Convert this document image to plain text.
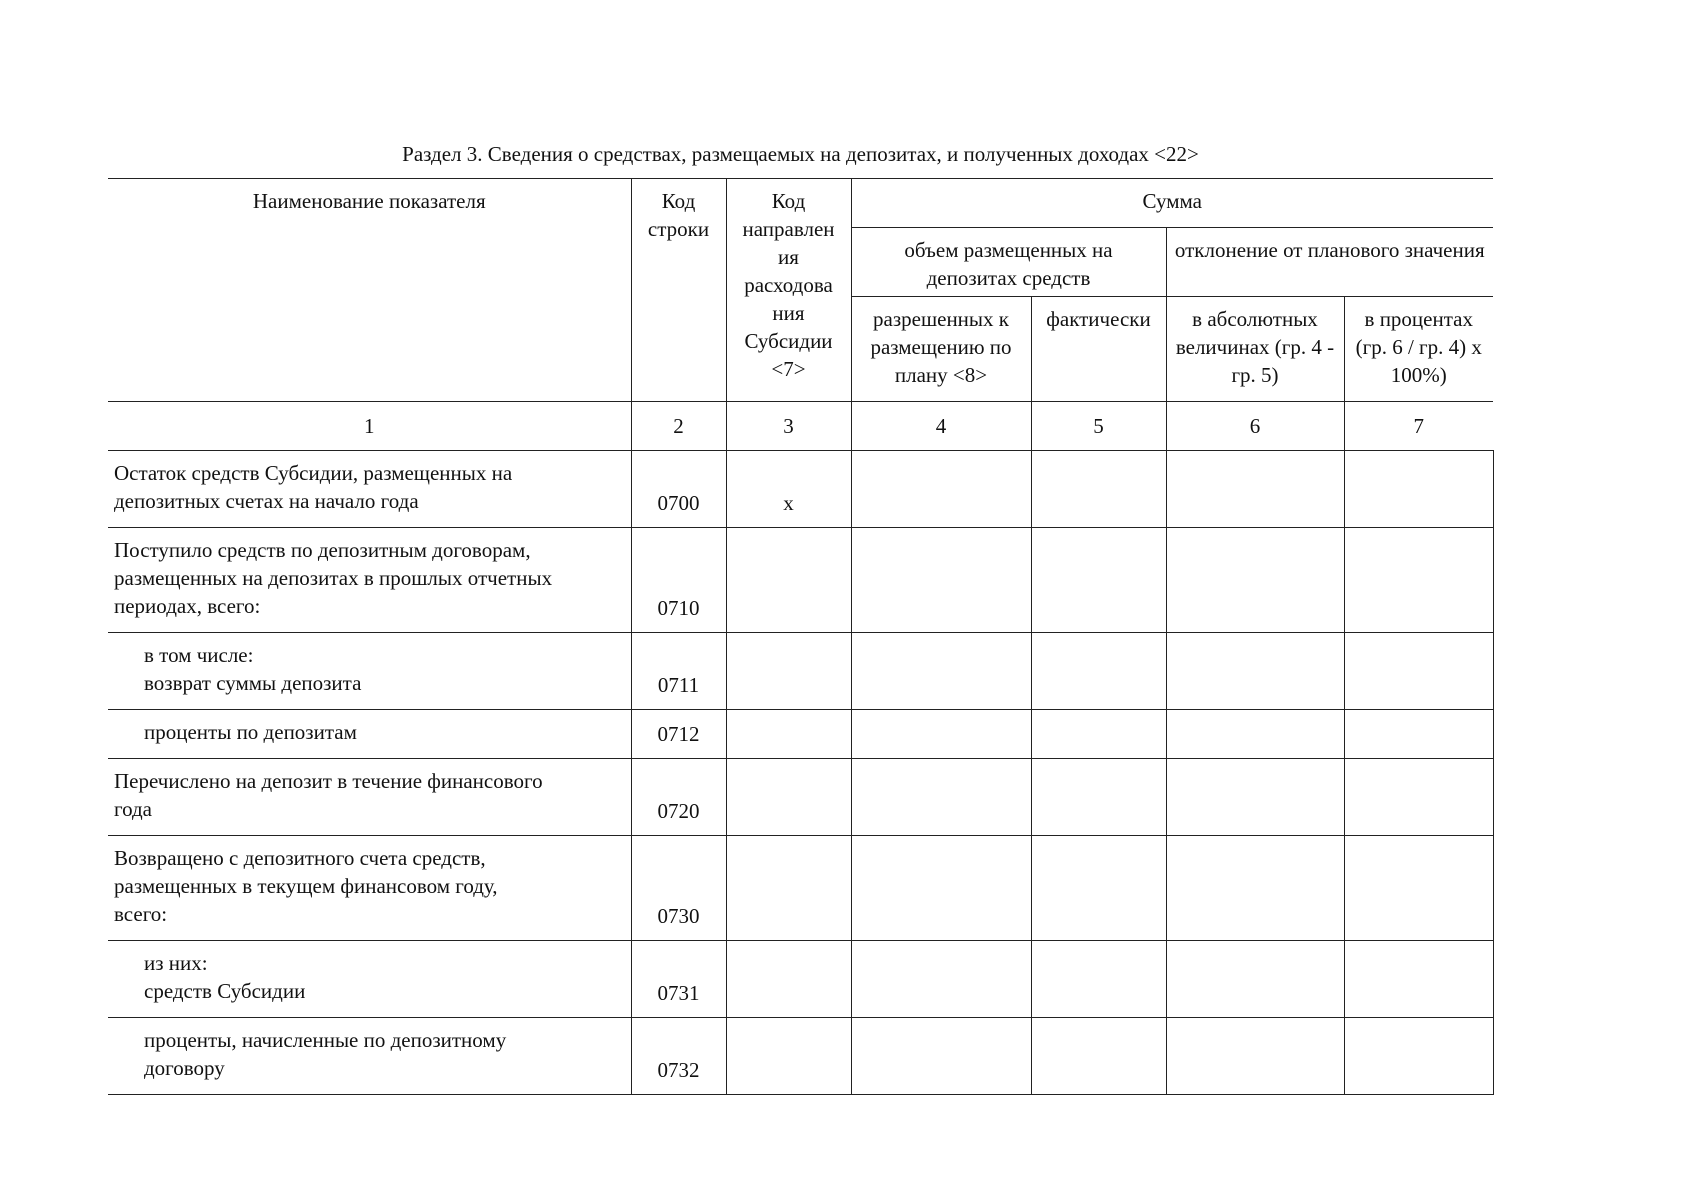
Раздел 3. Сведения о средствах, размещаемых на депозитах, и полученных доходах <22>
Наименование показателя	Код строки	Код направлен ия расходова ния Субсидии <7>	Сумма			
			объем размещенных на депозитах средств		отклонение от планового значения	
			разрешенных к размещению по плану <8>	фактически	в абсолютных величинах (гр. 4 - гр. 5)	в процентах (гр. 6 / гр. 4) x 100%)
1	2	3	4	5	6	7

Остаток средств Субсидии, размещенных на
депозитных счетах на начало года	0700	x				

Поступило средств по депозитным договорам,
размещенных на депозитах в прошлых отчетных
периодах, всего:	0710					

в том числе:
возврат суммы депозита	0711					

проценты по депозитам	0712					

Перечислено на депозит в течение финансового
года	0720					

Возвращено с депозитного счета средств,
размещенных в текущем финансовом году,
всего:	0730					

из них:
средств Субсидии	0731					

проценты, начисленные по депозитному
договору	0732					
